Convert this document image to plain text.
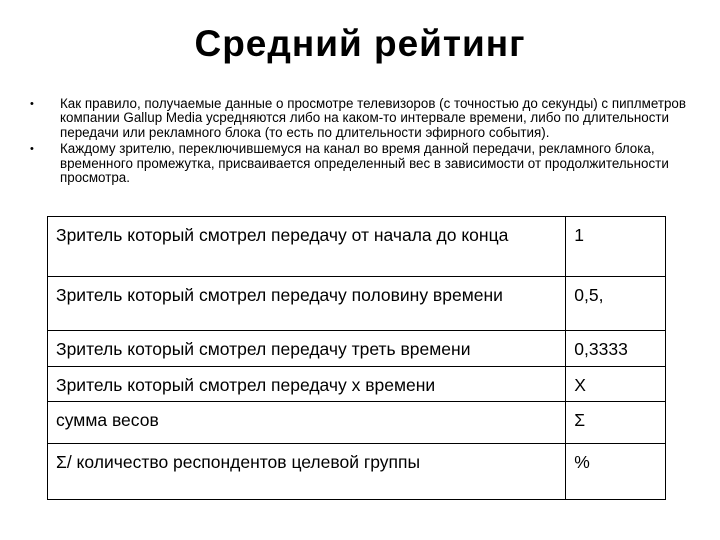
Средний рейтинг
• Как правило, получаемые данные о просмотре телевизоров (с точностью до секунды) с пиплметров компании Gallup Media усредняются либо на каком-то интервале времени, либо по длительности передачи или рекламного блока (то есть по длительности эфирного события).
• Каждому зрителю, переключившемуся на канал во время данной передачи, рекламного блока, временного промежутка, присваивается определенный вес в зависимости от продолжительности просмотра.
Зритель который смотрел передачу от начала до конца	1
Зритель который смотрел передачу половину времени	0,5,
Зритель который смотрел передачу треть времени	0,3333
Зритель который смотрел передачу х времени	X
сумма весов	Σ
Σ/ количество респондентов целевой группы	%
